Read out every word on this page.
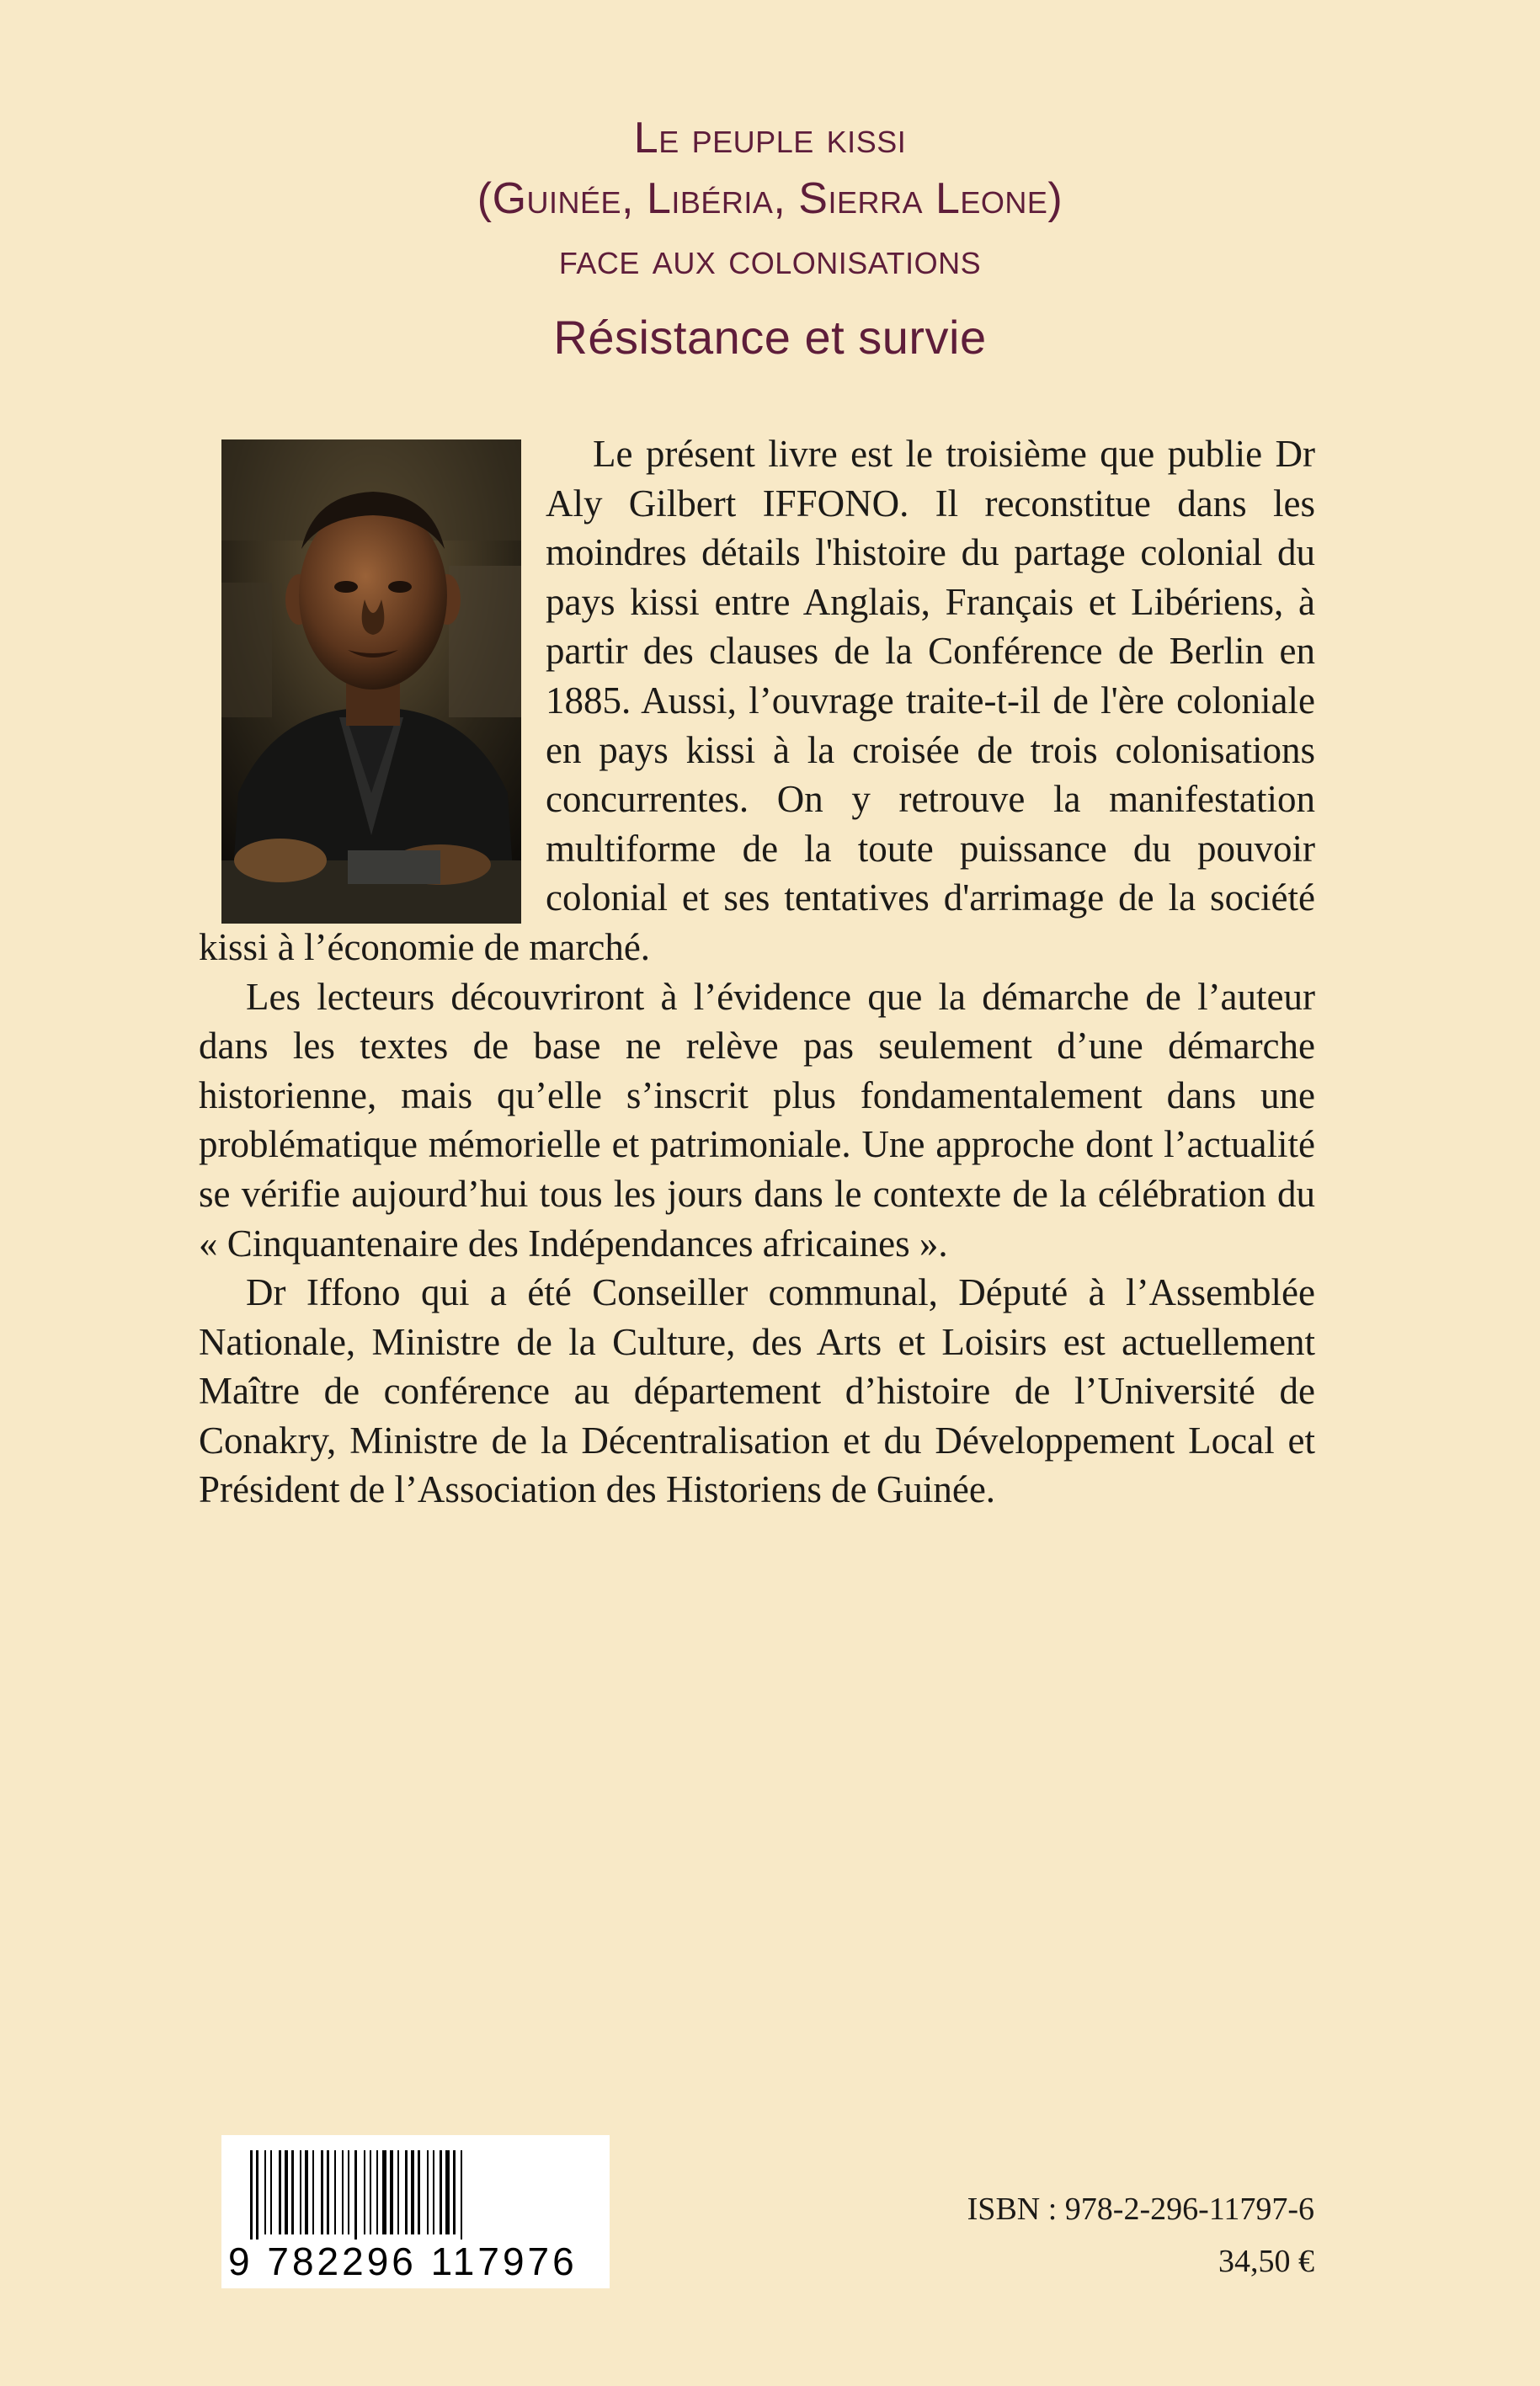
Le peuple kissi
(Guinée, Libéria, Sierra Leone)
face aux colonisations
Résistance et survie

Le présent livre est le troisième que publie Dr Aly Gilbert IFFONO. Il reconstitue dans les moindres détails l'histoire du partage colonial du pays kissi entre Anglais, Français et Libériens, à partir des clauses de la Conférence de Berlin en 1885. Aussi, l’ouvrage traite-t-il de l'ère coloniale en pays kissi à la croisée de trois colonisations concurrentes. On y retrouve la manifestation multiforme de la toute puissance du pouvoir colonial et ses tentatives d'arrimage de la société kissi à l’économie de marché.

Les lecteurs découvriront à l’évidence que la démarche de l’auteur dans les textes de base ne relève pas seulement d’une démarche historienne, mais qu’elle s’inscrit plus fondamentalement dans une problématique mémorielle et patrimoniale. Une approche dont l’actualité se vérifie aujourd’hui tous les jours dans le contexte de la célébration du « Cinquantenaire des Indépendances africaines ».

Dr Iffono qui a été Conseiller communal, Député à l’Assemblée Nationale, Ministre de la Culture, des Arts et Loisirs est actuellement Maître de conférence au département d’histoire de l’Université de Conakry, Ministre de la Décentralisation et du Développement Local et Président de l’Association des Historiens de Guinée.

9 782296 117976
ISBN : 978-2-296-11797-6
34,50 €
